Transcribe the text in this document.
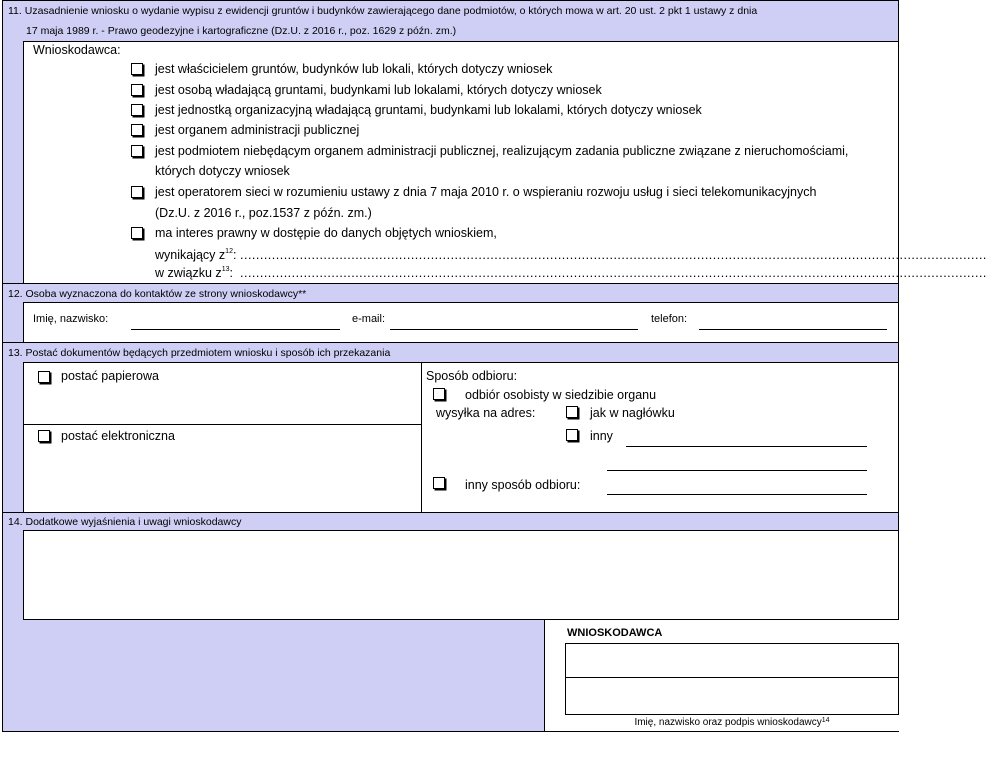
11. Uzasadnienie wniosku o wydanie wypisu z ewidencji gruntów i budynków zawierającego dane podmiotów, o których mowa w art. 20 ust. 2 pkt 1 ustawy z dnia
17 maja 1989 r. - Prawo geodezyjne i kartograficzne (Dz.U. z 2016 r., poz. 1629 z późn. zm.)
Wnioskodawca:
jest właścicielem gruntów, budynków lub lokali, których dotyczy wniosek
jest osobą władającą gruntami, budynkami lub lokalami, których dotyczy wniosek
jest jednostką organizacyjną władającą gruntami, budynkami lub lokalami, których dotyczy wniosek
jest organem administracji publicznej
jest podmiotem niebędącym organem administracji publicznej, realizującym zadania publiczne związane z nieruchomościami,
których dotyczy wniosek
jest operatorem sieci w rozumieniu ustawy z dnia 7 maja 2010 r. o wspieraniu rozwoju usług i sieci telekomunikacyjnych
(Dz.U. z 2016 r., poz.1537 z późn. zm.)
ma interes prawny w dostępie do danych objętych wnioskiem,
wynikający $z^{12}$: ............................................................................................................................................................................................
w związku $z^{13}$: ............................................................................................................................................................................................
12. Osoba wyznaczona do kontaktów ze strony wnioskodawcy**
Imię, nazwisko:	e-mail:	telefon:
13. Postać dokumentów będących przedmiotem wniosku i sposób ich przekazania
postać papierowa
postać elektroniczna
Sposób odbioru:
odbiór osobisty w siedzibie organu
wysyłka na adres:	jak w nagłówku
inny
inny sposób odbioru:
14. Dodatkowe wyjaśnienia i uwagi wnioskodawcy
WNIOSKODAWCA
Imię, nazwisko oraz podpis wnioskodawcy$^{14}$
